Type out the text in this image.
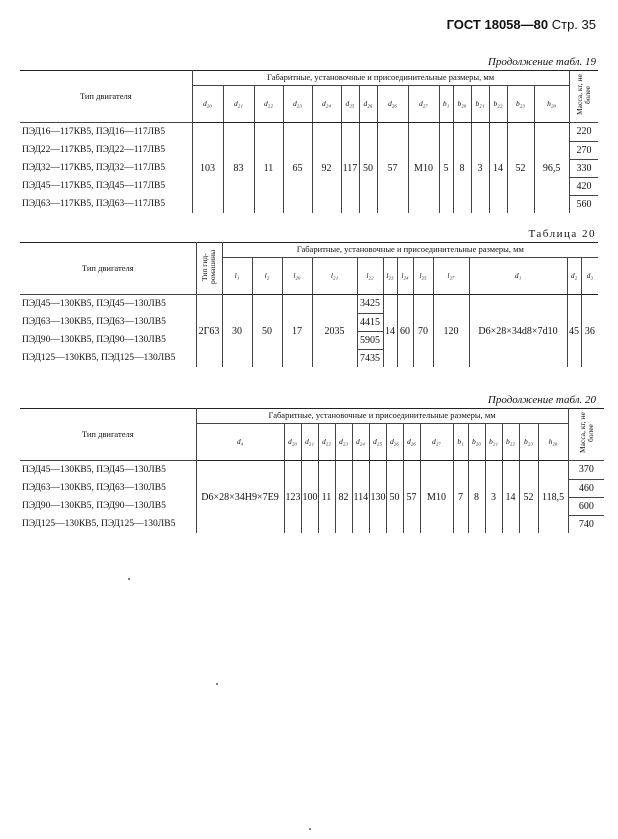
ГОСТ 18058—80 Стр. 35
Продолжение табл. 19
Тип двигателя	Габаритные, установочные и присоединительные размеры, мм															Масса, кг, не более
	d₂₀	d₂₁	d₂₂	d₂₃	d₂₄	d₂₅	d₂₆	d₂₆	d₂₇	b₁	b₂₀	b₂₁	b₂₂	b₂₃	h₂₀	
ПЭД16—117КВ5, ПЭД16—117ЛВ5	103	83	11	65	92	117	50	57	M10	5	8	3	14	52	96,5	220
ПЭД22—117КВ5, ПЭД22—117ЛВ5																270
ПЭД32—117КВ5, ПЭД32—117ЛВ5																330
ПЭД45—117КВ5, ПЭД45—117ЛВ5																420
ПЭД63—117КВ5, ПЭД63—117ЛВ5																560
Таблица 20
Тип двигателя	Тип гид-ромашины	Габаритные, установочные и присоединительные размеры, мм											
		l₁	l₂	l₂₀	l₂₁	l₂₂	l₂₃	l₂₄	l₂₅	l₂₇	d₁	d₂	d₃
ПЭД45—130КВ5, ПЭД45—130ЛВ5	2Г63	30	50	17	2035	3425	14	60	70	120	D6×28×34d8×7d10	45	36
ПЭД63—130КВ5, ПЭД63—130ЛВ5						4415							
ПЭД90—130КВ5, ПЭД90—130ЛВ5						5905							
ПЭД125—130КВ5, ПЭД125—130ЛВ5						7435							
Продолжение табл. 20
Тип двигателя	Габаритные, установочные и присоединительные размеры, мм																Масса, кг, не более
	d₄	d₂₀	d₂₁	d₂₂	d₂₃	d₂₄	d₂₅	d₂₆	d₂₆	d₂₇	b₁	b₂₀	b₂₁	b₂₂	b₂₃	h₂₀	
ПЭД45—130КВ5, ПЭД45—130ЛВ5	D6×28×34H9×7E9	123	100	11	82	114	130	50	57	M10	7	8	3	14	52	118,5	370
ПЭД63—130КВ5, ПЭД63—130ЛВ5																	460
ПЭД90—130КВ5, ПЭД90—130ЛВ5																	600
ПЭД125—130КВ5, ПЭД125—130ЛВ5																	740
